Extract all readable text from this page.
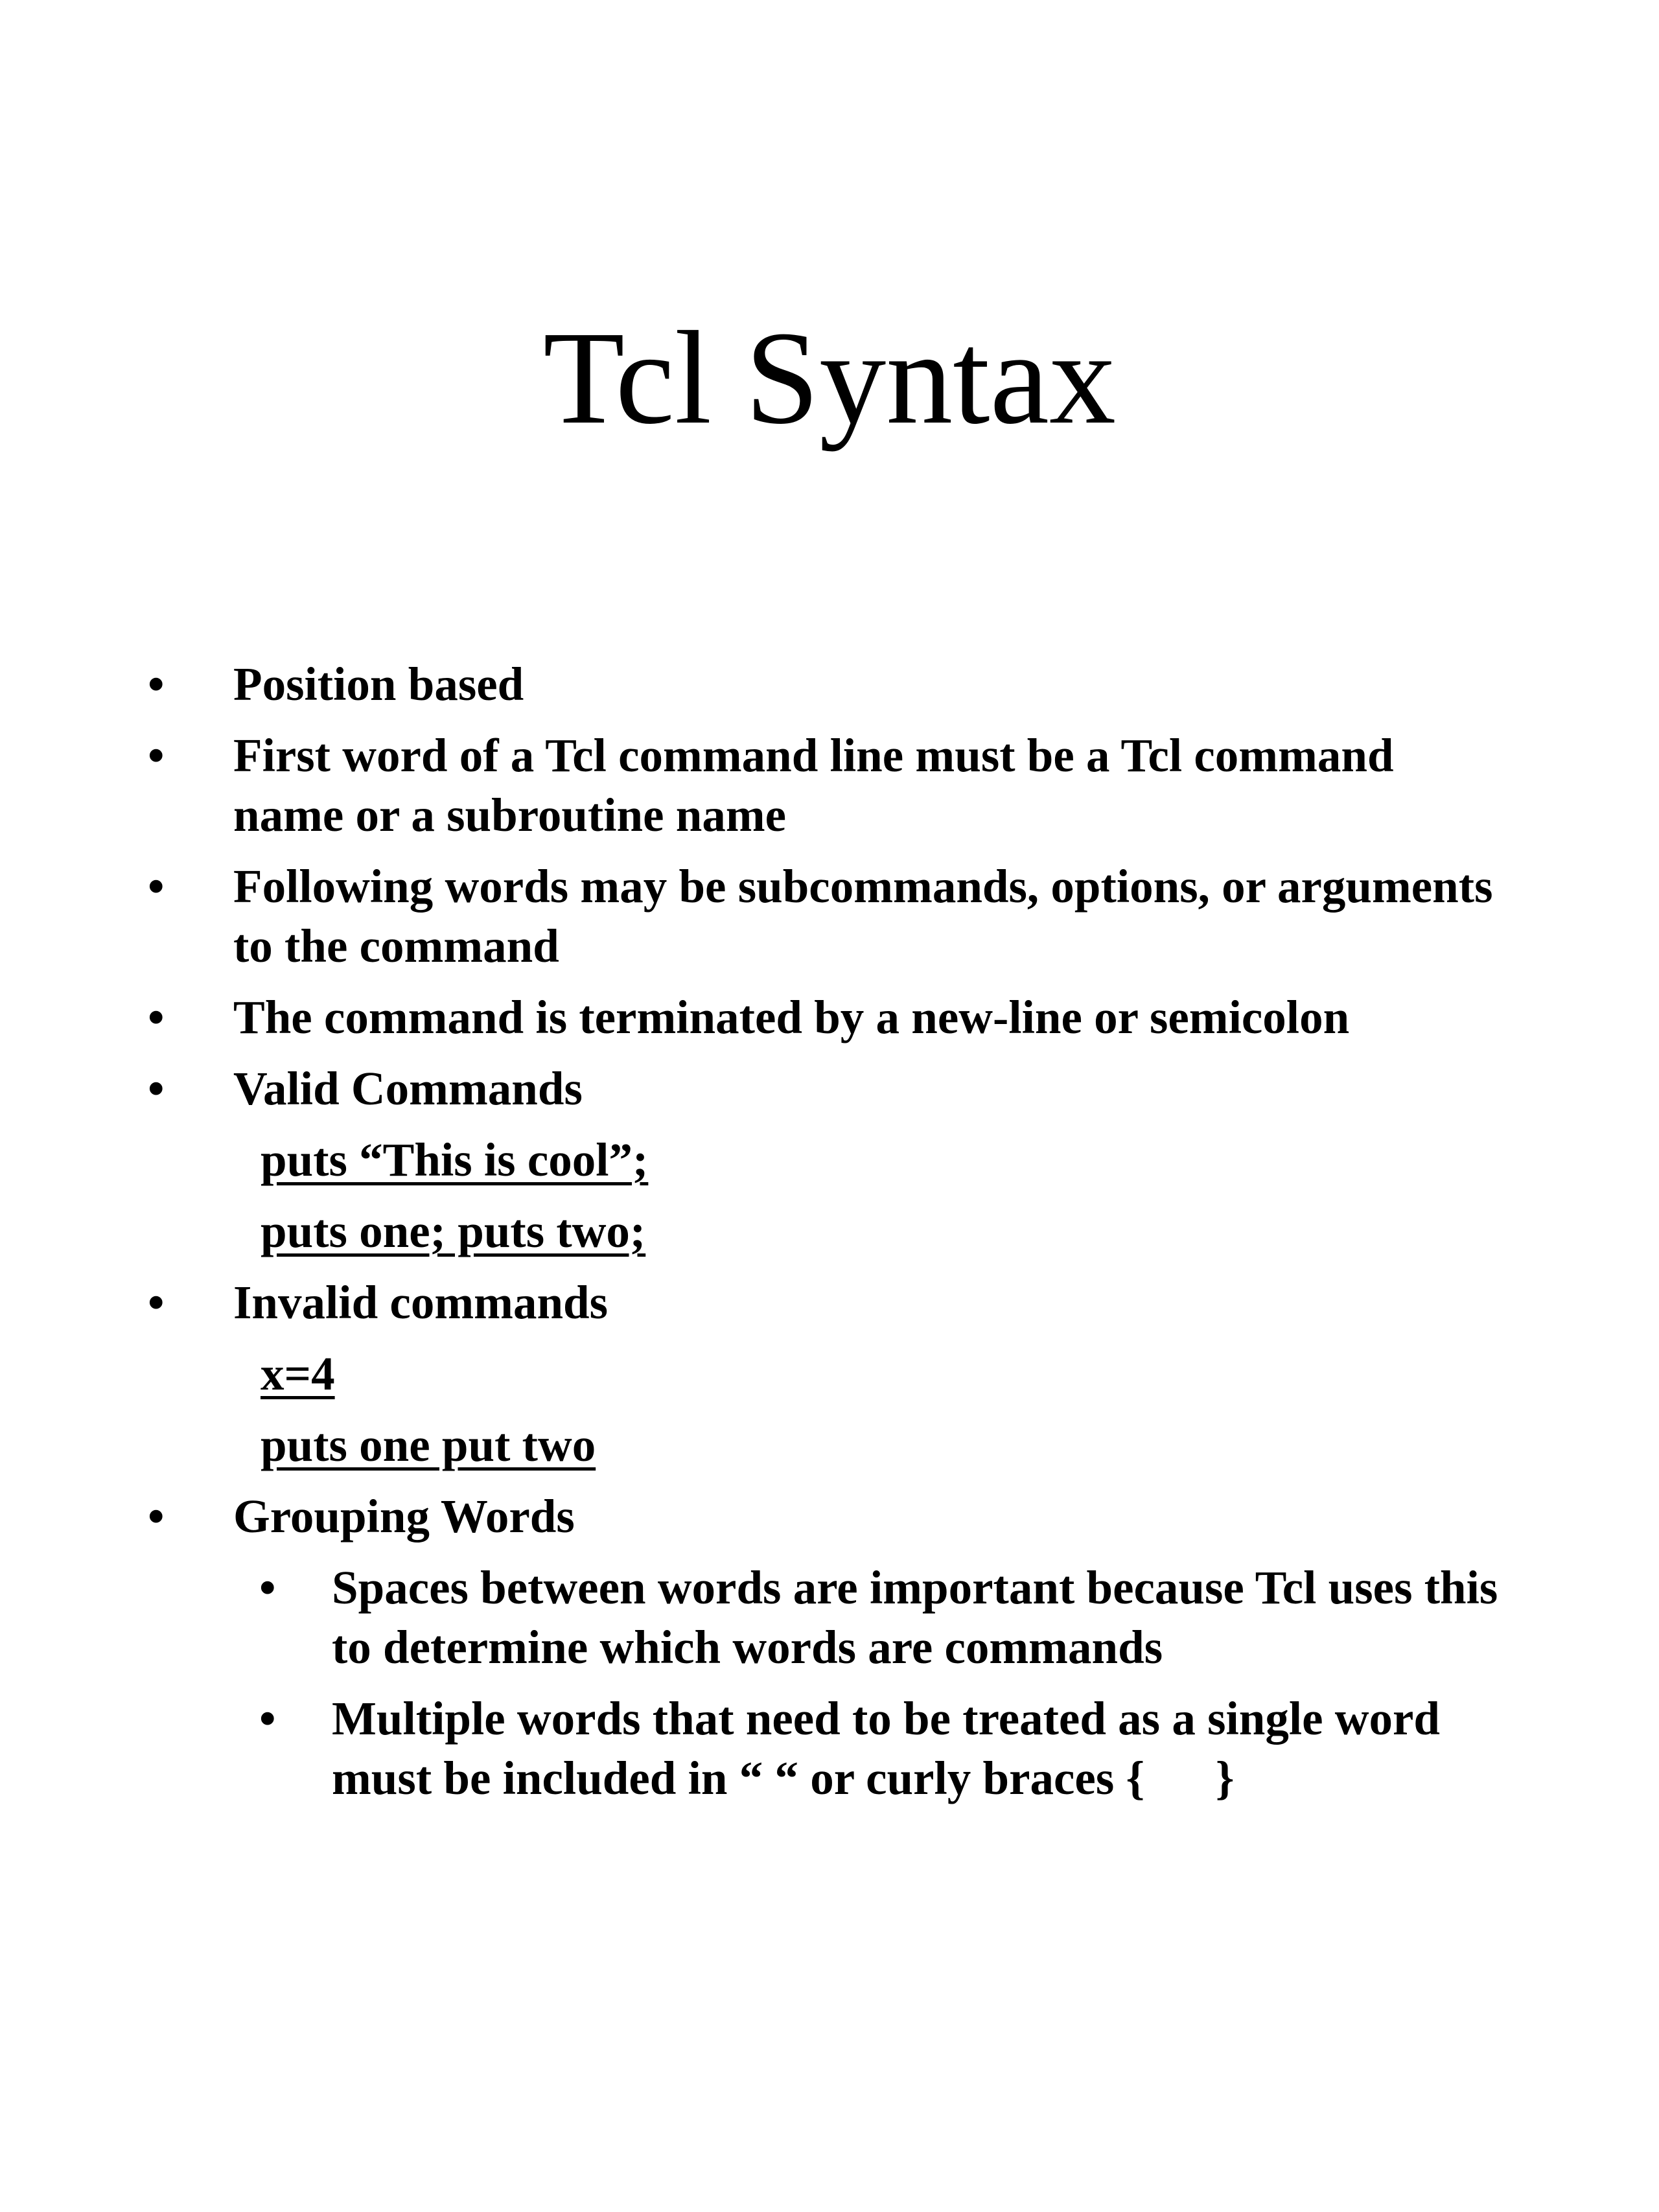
Tcl Syntax
• Position based
• First word of a Tcl command line must be a Tcl command name or a subroutine name
• Following words may be subcommands, options, or arguments to the command
• The command is terminated by a new-line or semicolon
• Valid Commands
puts “This is cool”;
puts one; puts two;
• Invalid commands
x=4
puts one put two
• Grouping Words
• Spaces between words are important because Tcl uses this to determine which words are commands
• Multiple words that need to be treated as a single word must be included in “ “ or curly braces {      }
